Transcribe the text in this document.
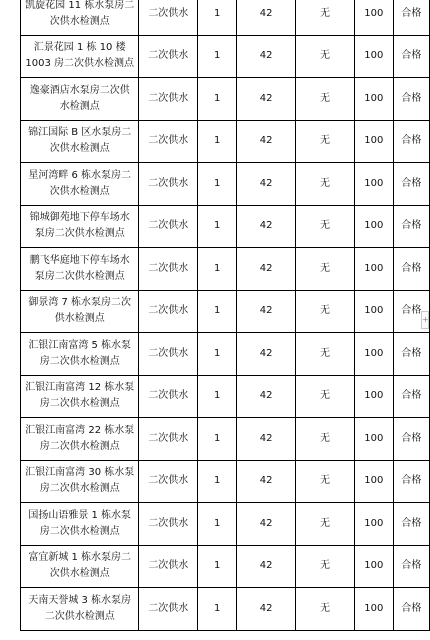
凯旋花园 11 栋水泵房二次供水检测点	二次供水	1	42	无	100	合格
汇景花园 1 栋 10 楼 1003 房二次供水检测点	二次供水	1	42	无	100	合格
逸豪酒店水泵房二次供水检测点	二次供水	1	42	无	100	合格
锦江国际 B 区水泵房二次供水检测点	二次供水	1	42	无	100	合格
星河湾畔 6 栋水泵房二次供水检测点	二次供水	1	42	无	100	合格
锦城御苑地下停车场水泵房二次供水检测点	二次供水	1	42	无	100	合格
鹏飞华庭地下停车场水泵房二次供水检测点	二次供水	1	42	无	100	合格
御景湾 7 栋水泵房二次供水检测点	二次供水	1	42	无	100	合格
汇银江南富湾 5 栋水泵房二次供水检测点	二次供水	1	42	无	100	合格
汇银江南富湾 12 栋水泵房二次供水检测点	二次供水	1	42	无	100	合格
汇银江南富湾 22 栋水泵房二次供水检测点	二次供水	1	42	无	100	合格
汇银江南富湾 30 栋水泵房二次供水检测点	二次供水	1	42	无	100	合格
国扬山语雅景 1 栋水泵房二次供水检测点	二次供水	1	42	无	100	合格
富宜新城 1 栋水泵房二次供水检测点	二次供水	1	42	无	100	合格
天南天誉城 3 栋水泵房二次供水检测点	二次供水	1	42	无	100	合格
+
